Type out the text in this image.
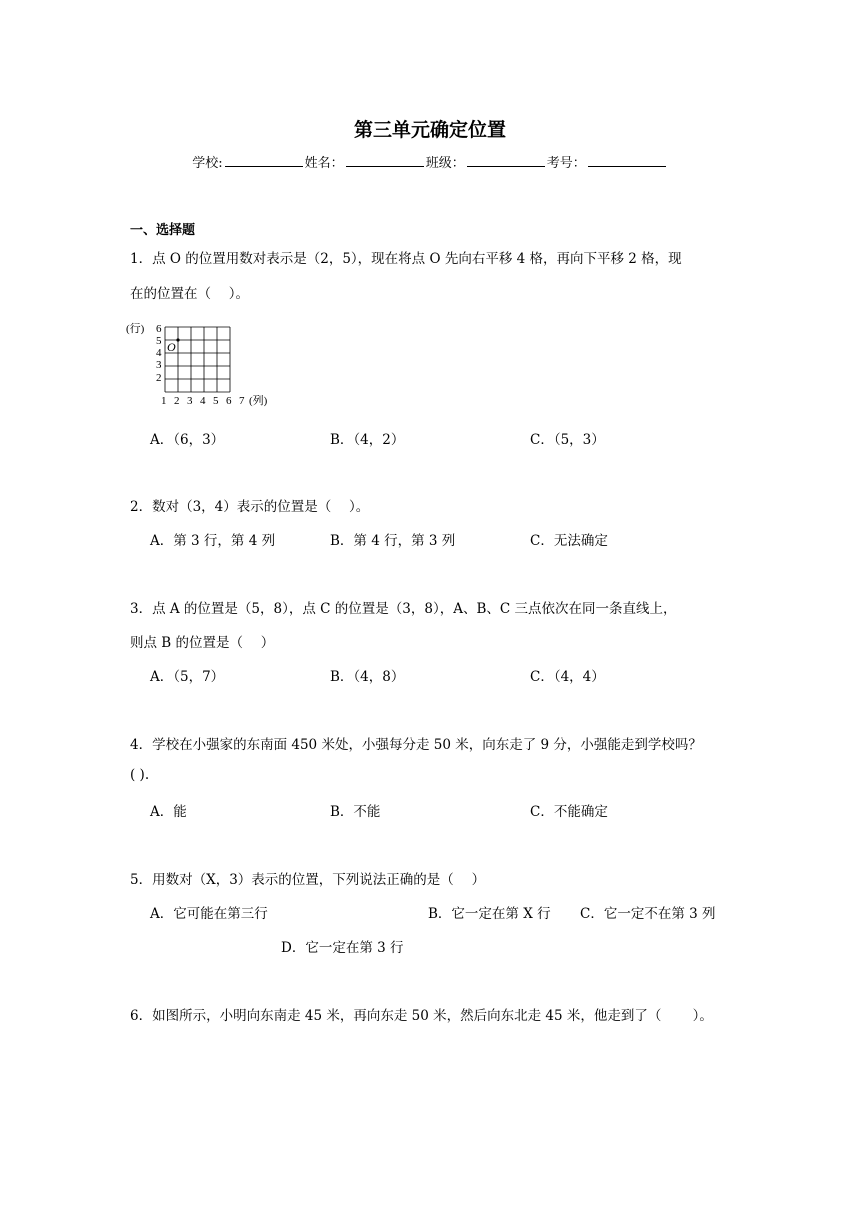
第三单元确定位置
学校:	姓名：	班级：	考号：
一、选择题
1．点 O 的位置用数对表示是（2，5），现在将点 O 先向右平移 4 格，再向下平移 2 格，现
在的位置在（　 ）。
(行) 6
5
4
3
2
O
1 2 3 4 5 6 7 (列)
A．（6，3）	B．（4，2）	C．（5，3）
2．数对（3，4）表示的位置是（　 ）。
A．第 3 行，第 4 列	B．第 4 行，第 3 列	C．无法确定
3．点 A 的位置是（5，8），点 C 的位置是（3，8），A、B、C 三点依次在同一条直线上，
则点 B 的位置是（　 ）
A．（5，7）	B．（4，8）	C．（4，4）
4．学校在小强家的东南面 450 米处，小强每分走 50 米，向东走了 9 分，小强能走到学校吗？
( ).
A．能	B．不能	C．不能确定
5．用数对（X，3）表示的位置，下列说法正确的是（　 ）
A．它可能在第三行	B．它一定在第 X 行 C．它一定不在第 3 列
D．它一定在第 3 行
6．如图所示，小明向东南走 45 米，再向东走 50 米，然后向东北走 45 米，他走到了（　　 ）。
